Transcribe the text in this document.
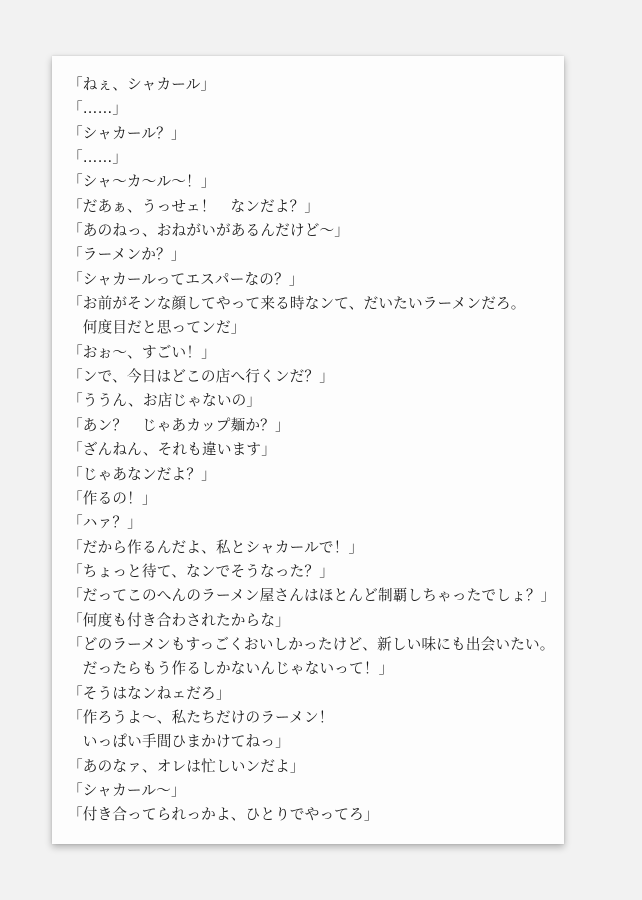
「ねぇ、シャカール」
「……」
「シャカール？」
「……」
「シャ〜カ〜ル〜！」
「だあぁ、うっせェ！　なンだよ？」
「あのねっ、おねがいがあるんだけど〜」
「ラーメンか？」
「シャカールってエスパーなの？」
「お前がそンな顔してやって来る時なンて、だいたいラーメンだろ。
　何度目だと思ってンだ」
「おぉ〜、すごい！」
「ンで、今日はどこの店へ行くンだ？」
「ううん、お店じゃないの」
「あン？　じゃあカップ麺か？」
「ざんねん、それも違います」
「じゃあなンだよ？」
「作るの！」
「ハァ？」
「だから作るんだよ、私とシャカールで！」
「ちょっと待て、なンでそうなった？」
「だってこのへんのラーメン屋さんはほとんど制覇しちゃったでしょ？」
「何度も付き合わされたからな」
「どのラーメンもすっごくおいしかったけど、新しい味にも出会いたい。
　だったらもう作るしかないんじゃないって！」
「そうはなンねェだろ」
「作ろうよ〜、私たちだけのラーメン！
　いっぱい手間ひまかけてねっ」
「あのなァ、オレは忙しいンだよ」
「シャカール〜」
「付き合ってられっかよ、ひとりでやってろ」
